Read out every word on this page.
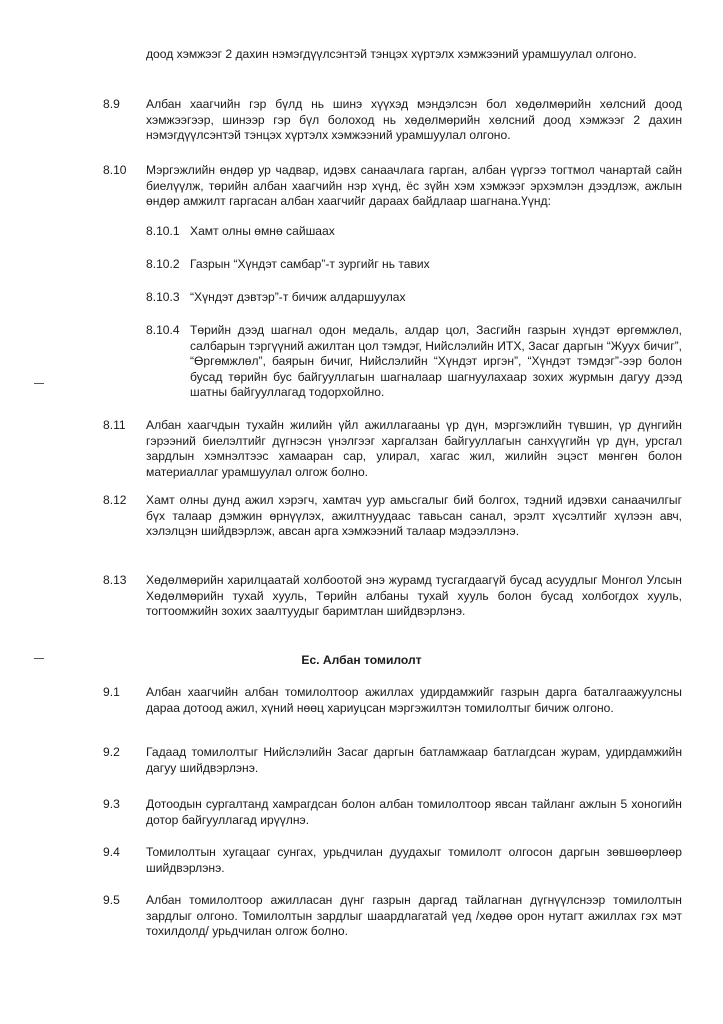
доод хэмжээг 2 дахин нэмэгдүүлсэнтэй тэнцэх хүртэлх хэмжээний урамшуулал олгоно.
8.9 Албан хаагчийн гэр бүлд нь шинэ хүүхэд мэндэлсэн бол хөдөлмөрийн хөлсний доод хэмжээгээр, шинээр гэр бүл болоход нь хөдөлмөрийн хөлсний доод хэмжээг 2 дахин нэмэгдүүлсэнтэй тэнцэх хүртэлх хэмжээний урамшуулал олгоно.
8.10 Мэргэжлийн өндөр ур чадвар, идэвх санаачлага гарган, албан үүргээ тогтмол чанартай сайн биелүүлж, төрийн албан хаагчийн нэр хүнд, ёс зүйн хэм хэмжээг эрхэмлэн дээдлэж, ажлын өндөр амжилт гаргасан албан хаагчийг дараах байдлаар шагнана.Үүнд:
8.10.1 Хамт олны өмнө сайшаах
8.10.2 Газрын “Хүндэт самбар”-т зургийг нь тавих
8.10.3 “Хүндэт дэвтэр”-т бичиж алдаршуулах
8.10.4 Төрийн дээд шагнал одон медаль, алдар цол, Засгийн газрын хүндэт өргөмжлөл, салбарын тэргүүний ажилтан цол тэмдэг, Нийслэлийн ИТХ, Засаг даргын “Жуух бичиг”, “Өргөмжлөл”, баярын бичиг, Нийслэлийн “Хүндэт иргэн”, “Хүндэт тэмдэг”-ээр болон бусад төрийн бус байгууллагын шагналаар шагнуулахаар зохих журмын дагуу дээд шатны байгууллагад тодорхойлно.
8.11 Албан хаагчдын тухайн жилийн үйл ажиллагааны үр дүн, мэргэжлийн түвшин, үр дүнгийн гэрээний биелэлтийг дүгнэсэн үнэлгээг харгалзан байгууллагын санхүүгийн үр дүн, урсгал зардлын хэмнэлтээс хамааран сар, улирал, хагас жил, жилийн эцэст мөнгөн болон материаллаг урамшуулал олгож болно.
8.12 Хамт олны дунд ажил хэрэгч, хамтач уур амьсгалыг бий болгох, тэдний идэвхи санаачилгыг бүх талаар дэмжин өрнүүлэх, ажилтнуудаас тавьсан санал, эрэлт хүсэлтийг хүлээн авч, хэлэлцэн шийдвэрлэж, авсан арга хэмжээний талаар мэдээллэнэ.
8.13 Хөдөлмөрийн харилцаатай холбоотой энэ журамд тусгагдаагүй бусад асуудлыг Монгол Улсын Хөдөлмөрийн тухай хууль, Төрийн албаны тухай хууль болон бусад холбогдох хууль, тогтоомжийн зохих заалтуудыг баримтлан шийдвэрлэнэ.
Ес. Албан томилолт
9.1 Албан хаагчийн албан томилолтоор ажиллах удирдамжийг газрын дарга баталгаажуулсны дараа дотоод ажил, хүний нөөц хариуцсан мэргэжилтэн томилолтыг бичиж олгоно.
9.2 Гадаад томилолтыг Нийслэлийн Засаг даргын батламжаар батлагдсан журам, удирдамжийн дагуу шийдвэрлэнэ.
9.3 Дотоодын сургалтанд хамрагдсан болон албан томилолтоор явсан тайланг ажлын 5 хоногийн дотор байгууллагад ирүүлнэ.
9.4 Томилолтын хугацааг сунгах, урьдчилан дуудахыг томилолт олгосон даргын зөвшөөрлөөр шийдвэрлэнэ.
9.5 Албан томилолтоор ажилласан дүнг газрын даргад тайлагнан дүгнүүлснээр томилолтын зардлыг олгоно. Томилолтын зардлыг шаардлагатай үед /хөдөө орон нутагт ажиллах гэх мэт тохилдолд/ урьдчилан олгож болно.
